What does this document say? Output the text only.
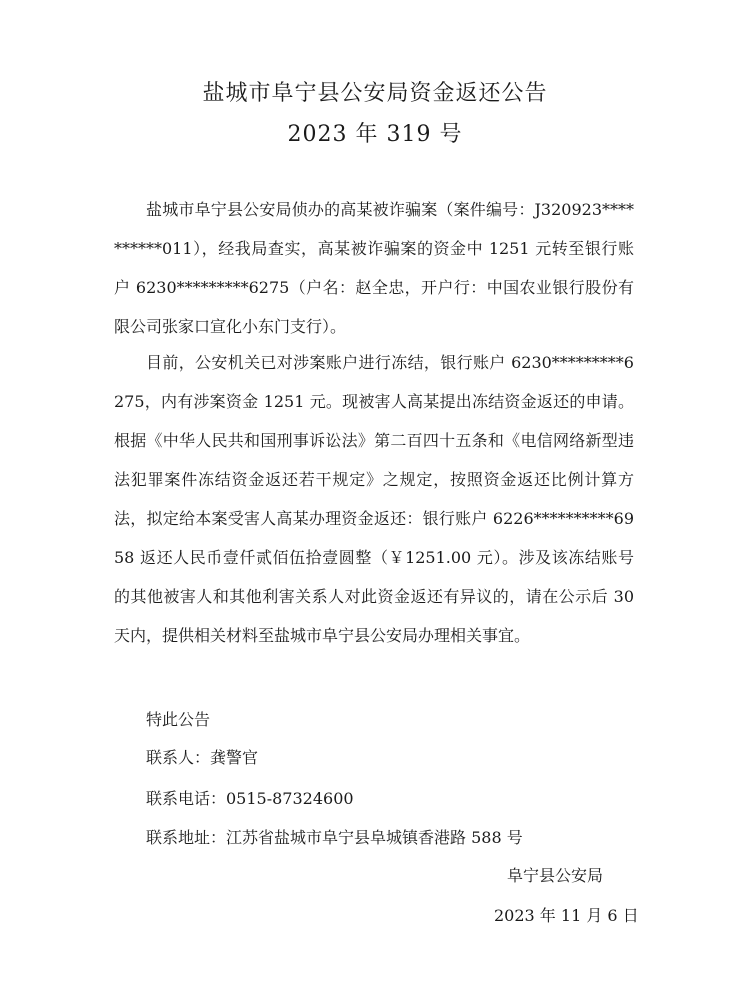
盐城市阜宁县公安局资金返还公告
2023 年 319 号
盐城市阜宁县公安局侦办的高某被诈骗案（案件编号：J320923**********011），经我局查实，高某被诈骗案的资金中 1251 元转至银行账户 6230*********6275（户名：赵全忠，开户行：中国农业银行股份有限公司张家口宣化小东门支行）。
目前，公安机关已对涉案账户进行冻结，银行账户 6230*********6275，内有涉案资金 1251 元。现被害人高某提出冻结资金返还的申请。根据《中华人民共和国刑事诉讼法》第二百四十五条和《电信网络新型违法犯罪案件冻结资金返还若干规定》之规定，按照资金返还比例计算方法，拟定给本案受害人高某办理资金返还：银行账户 6226**********6958 返还人民币壹仟贰佰伍拾壹圆整（￥1251.00 元）。涉及该冻结账号的其他被害人和其他利害关系人对此资金返还有异议的，请在公示后 30 天内，提供相关材料至盐城市阜宁县公安局办理相关事宜。
特此公告
联系人：龚警官
联系电话：0515-87324600
联系地址：江苏省盐城市阜宁县阜城镇香港路 588 号
阜宁县公安局
2023 年 11 月 6 日
